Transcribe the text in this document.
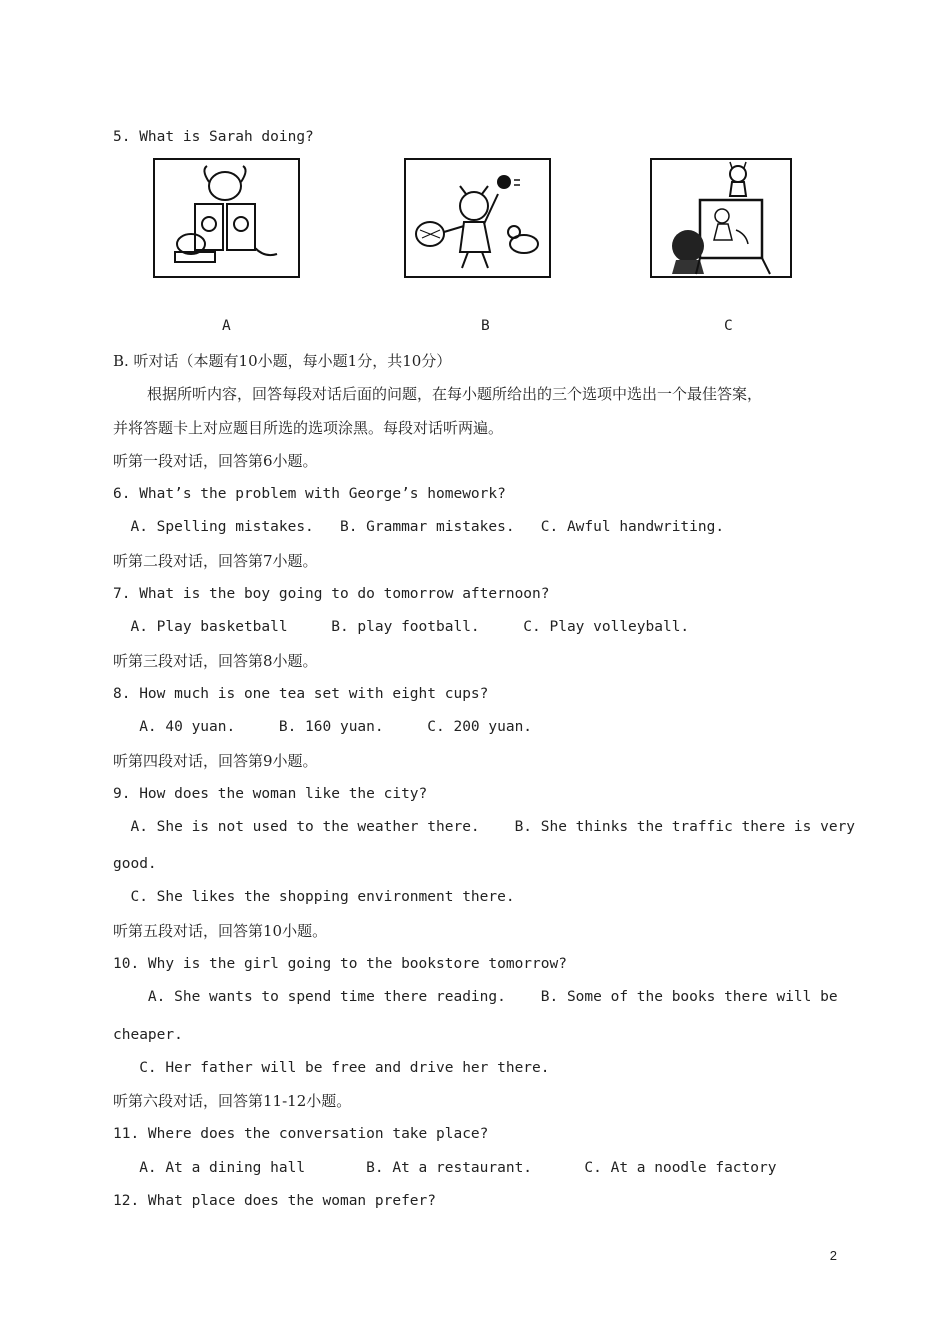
5. What is Sarah doing?
A	B	C
B. 听对话（本题有10小题，每小题1分，共10分）
根据所听内容，回答每段对话后面的问题，在每小题所给出的三个选项中选出一个最佳答案，
并将答题卡上对应题目所选的选项涂黑。每段对话听两遍。
听第一段对话，回答第6小题。
6. What’s the problem with George’s homework?
A. Spelling mistakes.   B. Grammar mistakes.   C. Awful handwriting.
听第二段对话，回答第7小题。
7. What is the boy going to do tomorrow afternoon?
A. Play basketball     B. play football.     C. Play volleyball.
听第三段对话，回答第8小题。
8. How much is one tea set with eight cups?
A. 40 yuan.     B. 160 yuan.     C. 200 yuan.
听第四段对话，回答第9小题。
9. How does the woman like the city?
A. She is not used to the weather there.    B. She thinks the traffic there is very
good.
C. She likes the shopping environment there.
听第五段对话，回答第10小题。
10. Why is the girl going to the bookstore tomorrow?
A. She wants to spend time there reading.    B. Some of the books there will be
cheaper.
C. Her father will be free and drive her there.
听第六段对话，回答第11-12小题。
11. Where does the conversation take place?
A. At a dining hall       B. At a restaurant.      C. At a noodle factory
12. What place does the woman prefer?
2
